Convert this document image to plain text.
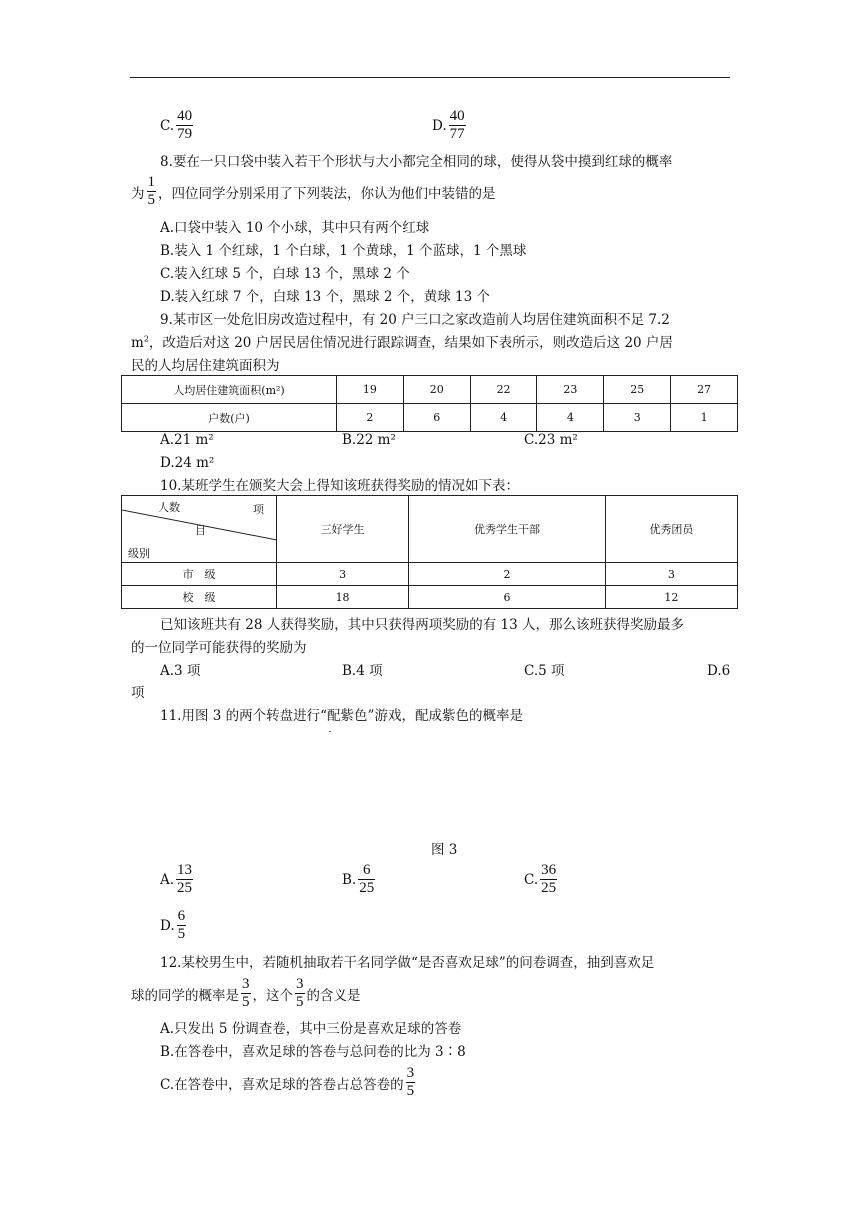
C. $\frac{40}{79}$	D. $\frac{40}{77}$
8.要在一只口袋中装入若干个形状与大小都完全相同的球，使得从袋中摸到红球的概率
为 $\frac{1}{5}$ ，四位同学分别采用了下列装法，你认为他们中装错的是
A.口袋中装入 10 个小球，其中只有两个红球
B.装入 1 个红球，1 个白球，1 个黄球，1 个蓝球，1 个黑球
C.装入红球 5 个，白球 13 个，黑球 2 个
D.装入红球 7 个，白球 13 个，黑球 2 个，黄球 13 个
9.某市区一处危旧房改造过程中，有 20 户三口之家改造前人均居住建筑面积不足 7.2
$m^2$，改造后对这 20 户居民居住情况进行跟踪调查，结果如下表所示，则改造后这 20 户居
民的人均居住建筑面积为
人均居住建筑面积(m²)	19	20	22	23	25	27
户数(户)	2	6	4	4	3	1
A.21 m²	B.22 m²	C.23 m²
D.24 m²
10.某班学生在颁奖大会上得知该班获得奖励的情况如下表：
人数 项
目
级别	三好学生	优秀学生干部	优秀团员
市　级	3	2	3
校　级	18	6	12
已知该班共有 28 人获得奖励，其中只获得两项奖励的有 13 人，那么该班获得奖励最多
的一位同学可能获得的奖励为
A.3 项	B.4 项	C.5 项	D.6
项
11.用图 3 的两个转盘进行“配紫色”游戏，配成紫色的概率是
图 3
A. $\frac{13}{25}$	B. $\frac{6}{25}$	C. $\frac{36}{25}$
D. $\frac{6}{5}$
12.某校男生中，若随机抽取若干名同学做“是否喜欢足球”的问卷调查，抽到喜欢足
球的同学的概率是 $\frac{3}{5}$ ，这个 $\frac{3}{5}$ 的含义是
A.只发出 5 份调查卷，其中三份是喜欢足球的答卷
B.在答卷中，喜欢足球的答卷与总问卷的比为 3∶8
C.在答卷中，喜欢足球的答卷占总答卷的 $\frac{3}{5}$
